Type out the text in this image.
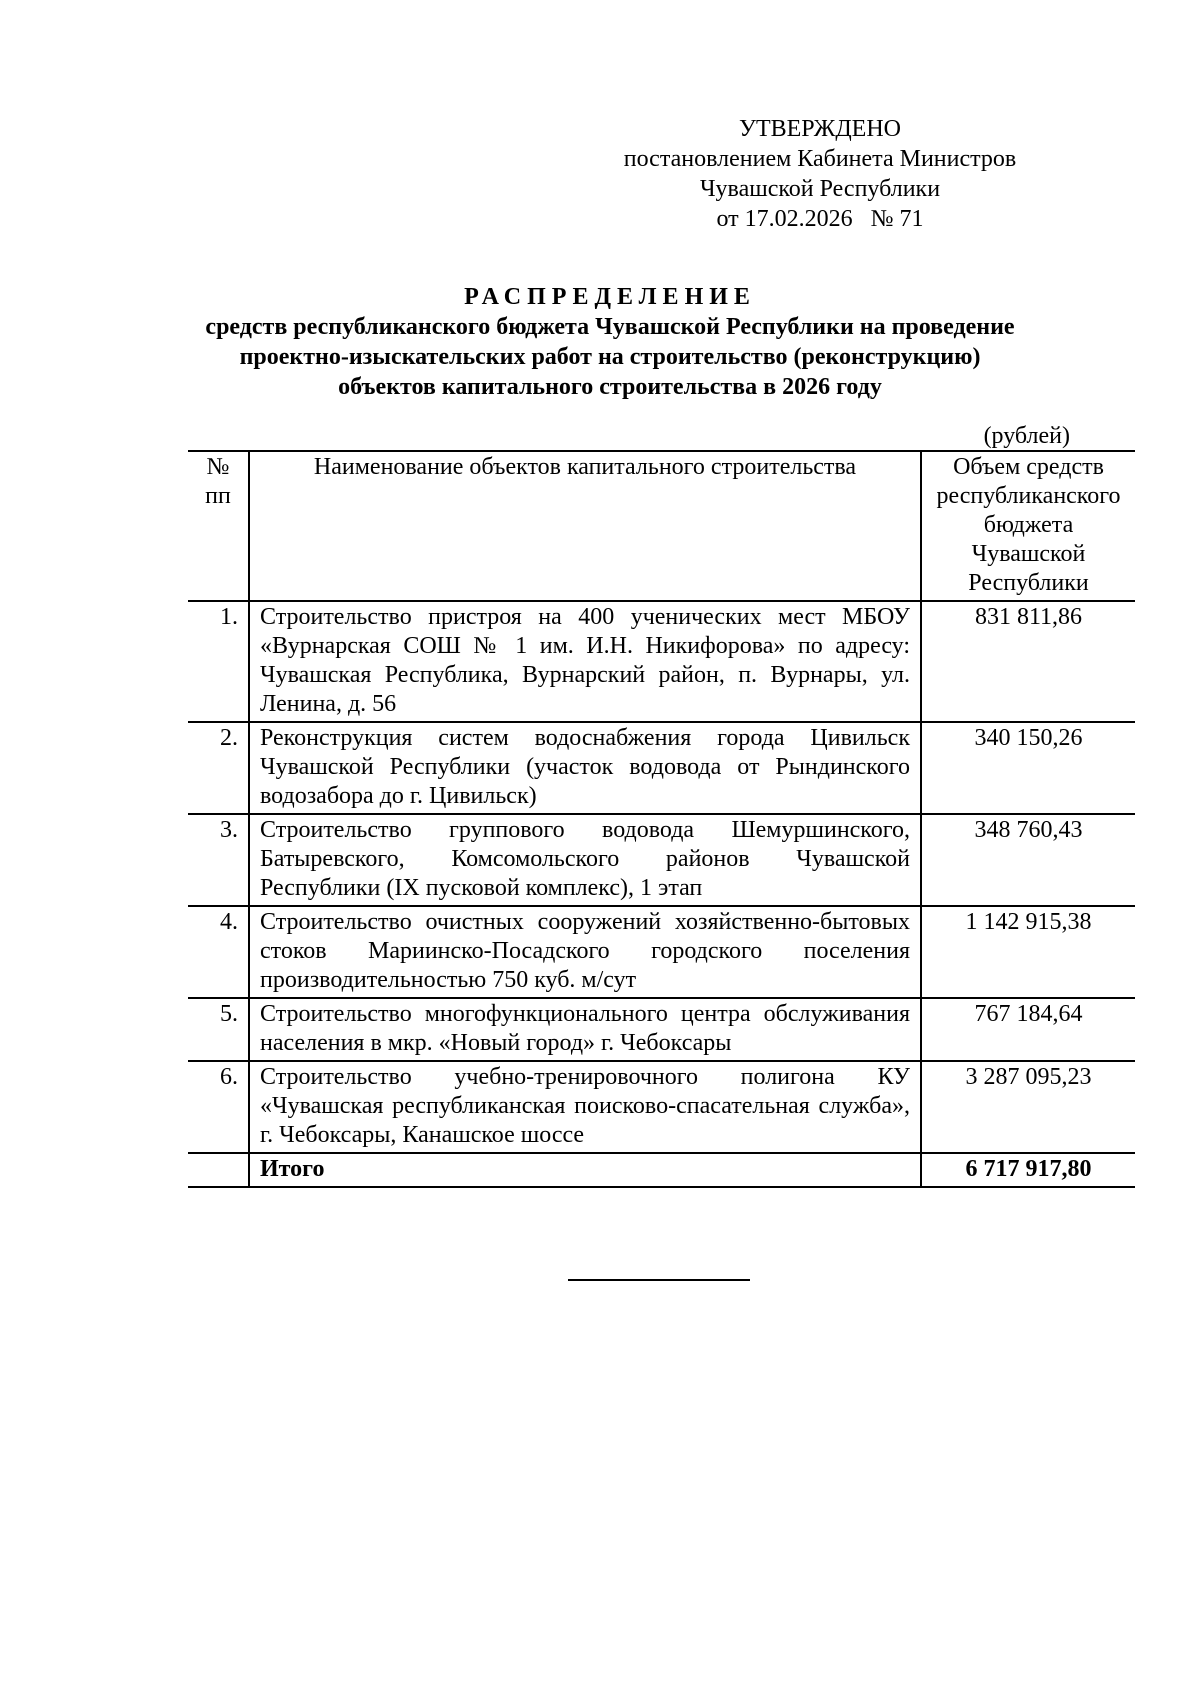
УТВЕРЖДЕНО
постановлением Кабинета Министров
Чувашской Республики
от 17.02.2026   № 71
РАСПРЕДЕЛЕНИЕ
средств республиканского бюджета Чувашской Республики на проведение
проектно-изыскательских работ на строительство (реконструкцию)
объектов капитального строительства в 2026 году
(рублей)
№ пп	Наименование объектов капитального строительства	Объем средств республиканского бюджета Чувашской Республики
1.	Строительство пристроя на 400 ученических мест МБОУ «Вурнарская СОШ № 1 им. И.Н. Никифорова» по адресу: Чувашская Республика, Вурнарский район, п. Вурнары, ул. Ленина, д. 56	831 811,86
2.	Реконструкция систем водоснабжения города Цивильск Чувашской Республики (участок водовода от Рындинского водозабора до г. Цивильск)	340 150,26
3.	Строительство группового водовода Шемуршинского, Батыревского, Комсомольского районов Чувашской Республики (IX пусковой комплекс), 1 этап	348 760,43
4.	Строительство очистных сооружений хозяйственно-бытовых стоков Мариинско-Посадского городского поселения производительностью 750 куб. м/сут	1 142 915,38
5.	Строительство многофункционального центра обслуживания населения в мкр. «Новый город» г. Чебоксары	767 184,64
6.	Строительство учебно-тренировочного полигона КУ «Чувашская республиканская поисково-спасательная служба», г. Чебоксары, Канашское шоссе	3 287 095,23
	Итого	6 717 917,80
